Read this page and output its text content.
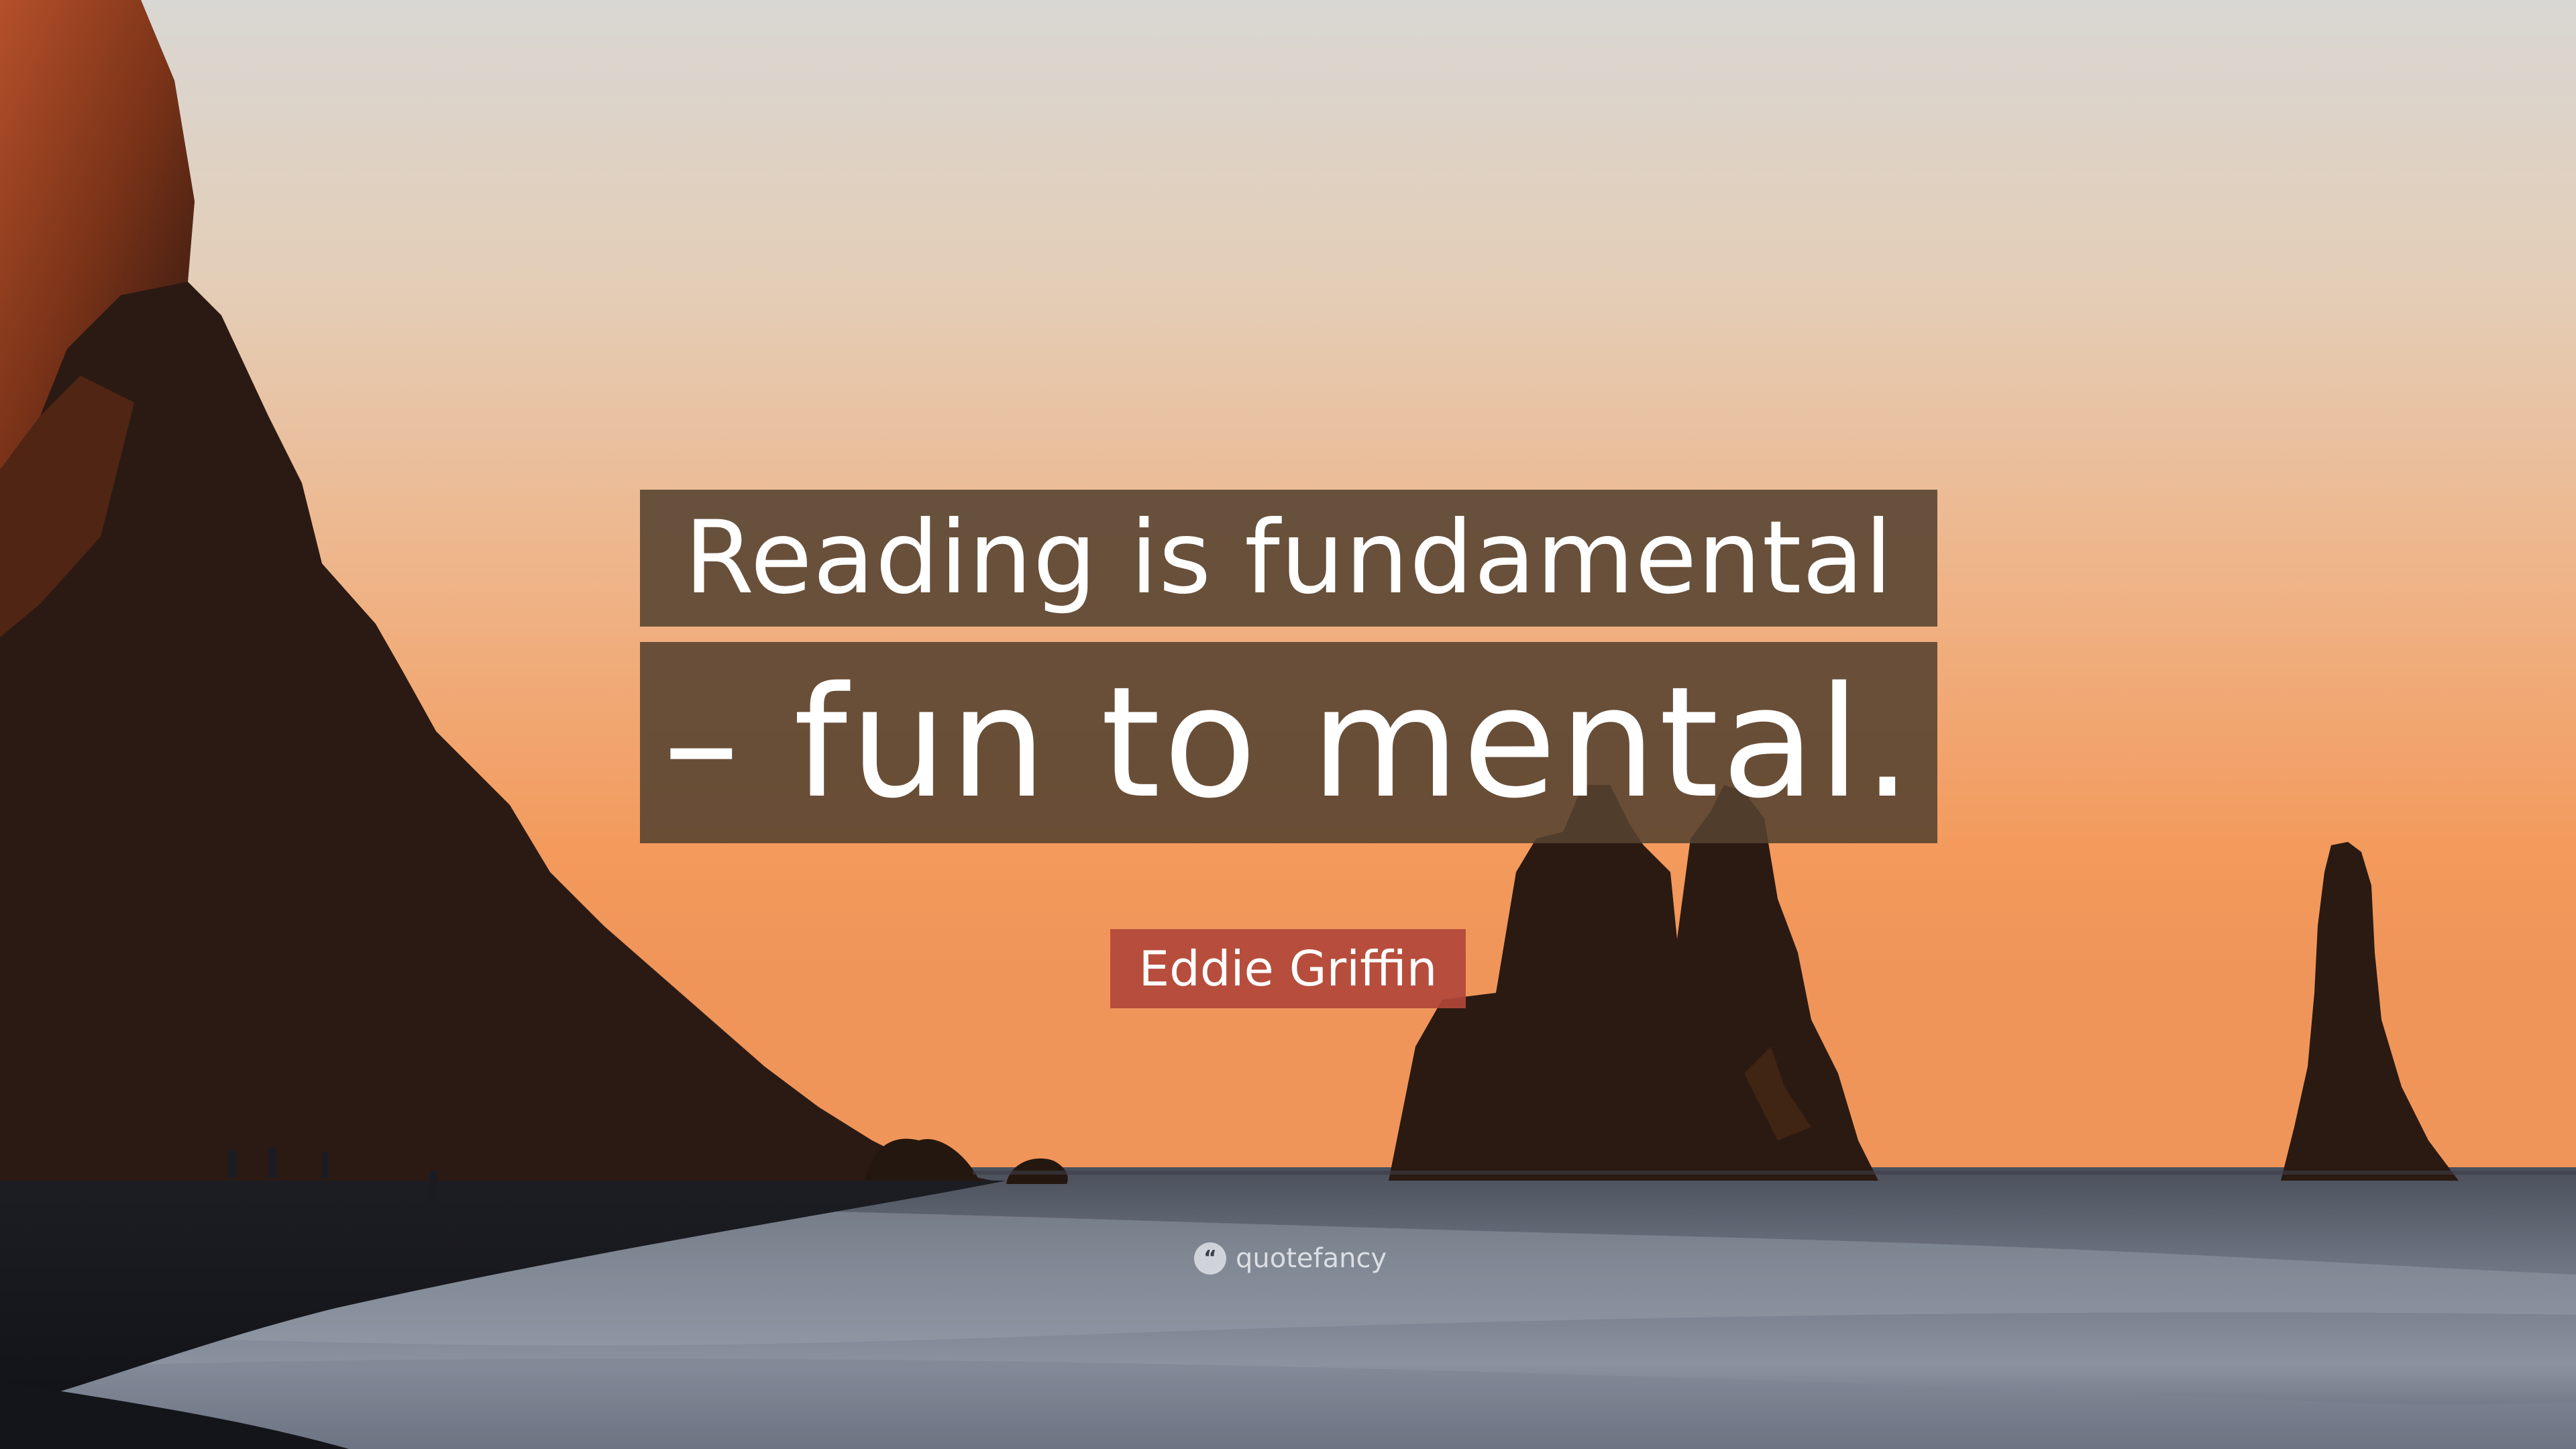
Reading is fundamental
– fun to mental.
Eddie Griffin
“ quotefancy
